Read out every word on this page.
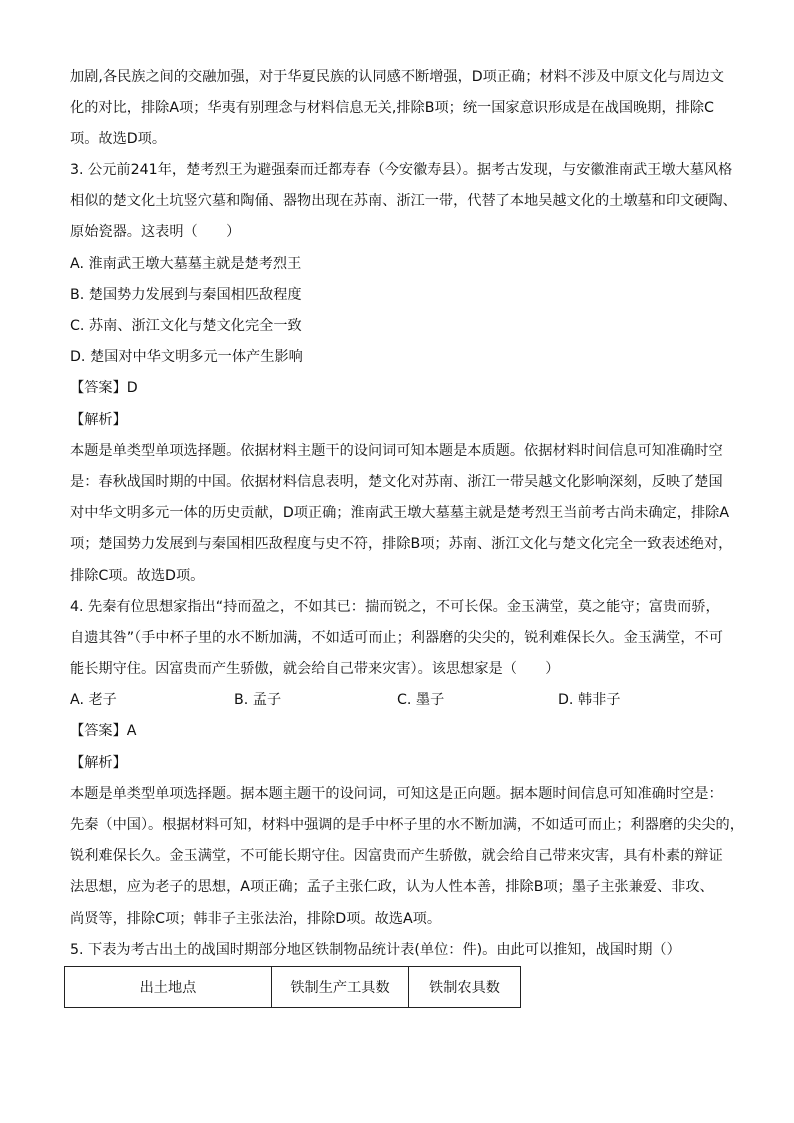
加剧,各民族之间的交融加强，对于华夏民族的认同感不断增强，D项正确；材料不涉及中原文化与周边文
化的对比，排除A项；华夷有别理念与材料信息无关,排除B项；统一国家意识形成是在战国晚期，排除C
项。故选D项。
3. 公元前241年，楚考烈王为避强秦而迁都寿春（今安徽寿县）。据考古发现，与安徽淮南武王墩大墓风格
相似的楚文化土坑竖穴墓和陶俑、器物出现在苏南、浙江一带，代替了本地吴越文化的土墩墓和印文硬陶、
原始瓷器。这表明（　　）
A. 淮南武王墩大墓墓主就是楚考烈王
B. 楚国势力发展到与秦国相匹敌程度
C. 苏南、浙江文化与楚文化完全一致
D. 楚国对中华文明多元一体产生影响
【答案】D
【解析】
本题是单类型单项选择题。依据材料主题干的设问词可知本题是本质题。依据材料时间信息可知准确时空
是：春秋战国时期的中国。依据材料信息表明，楚文化对苏南、浙江一带吴越文化影响深刻，反映了楚国
对中华文明多元一体的历史贡献，D项正确；淮南武王墩大墓墓主就是楚考烈王当前考古尚未确定，排除A
项；楚国势力发展到与秦国相匹敌程度与史不符，排除B项；苏南、浙江文化与楚文化完全一致表述绝对，
排除C项。故选D项。
4. 先秦有位思想家指出“持而盈之，不如其已：揣而锐之，不可长保。金玉满堂，莫之能守；富贵而骄，
自遗其咎”（手中杯子里的水不断加满，不如适可而止；利器磨的尖尖的，锐利难保长久。金玉满堂，不可
能长期守住。因富贵而产生骄傲，就会给自己带来灾害）。该思想家是（　　）
A. 老子	B. 孟子	C. 墨子	D. 韩非子
【答案】A
【解析】
本题是单类型单项选择题。据本题主题干的设问词，可知这是正向题。据本题时间信息可知准确时空是：
先秦（中国）。根据材料可知，材料中强调的是手中杯子里的水不断加满，不如适可而止；利器磨的尖尖的，
锐利难保长久。金玉满堂，不可能长期守住。因富贵而产生骄傲，就会给自己带来灾害，具有朴素的辩证
法思想，应为老子的思想，A项正确；孟子主张仁政，认为人性本善，排除B项；墨子主张兼爱、非攻、
尚贤等，排除C项；韩非子主张法治，排除D项。故选A项。
5. 下表为考古出土的战国时期部分地区铁制物品统计表(单位：件)。由此可以推知，战国时期（）
出土地点	铁制生产工具数	铁制农具数
